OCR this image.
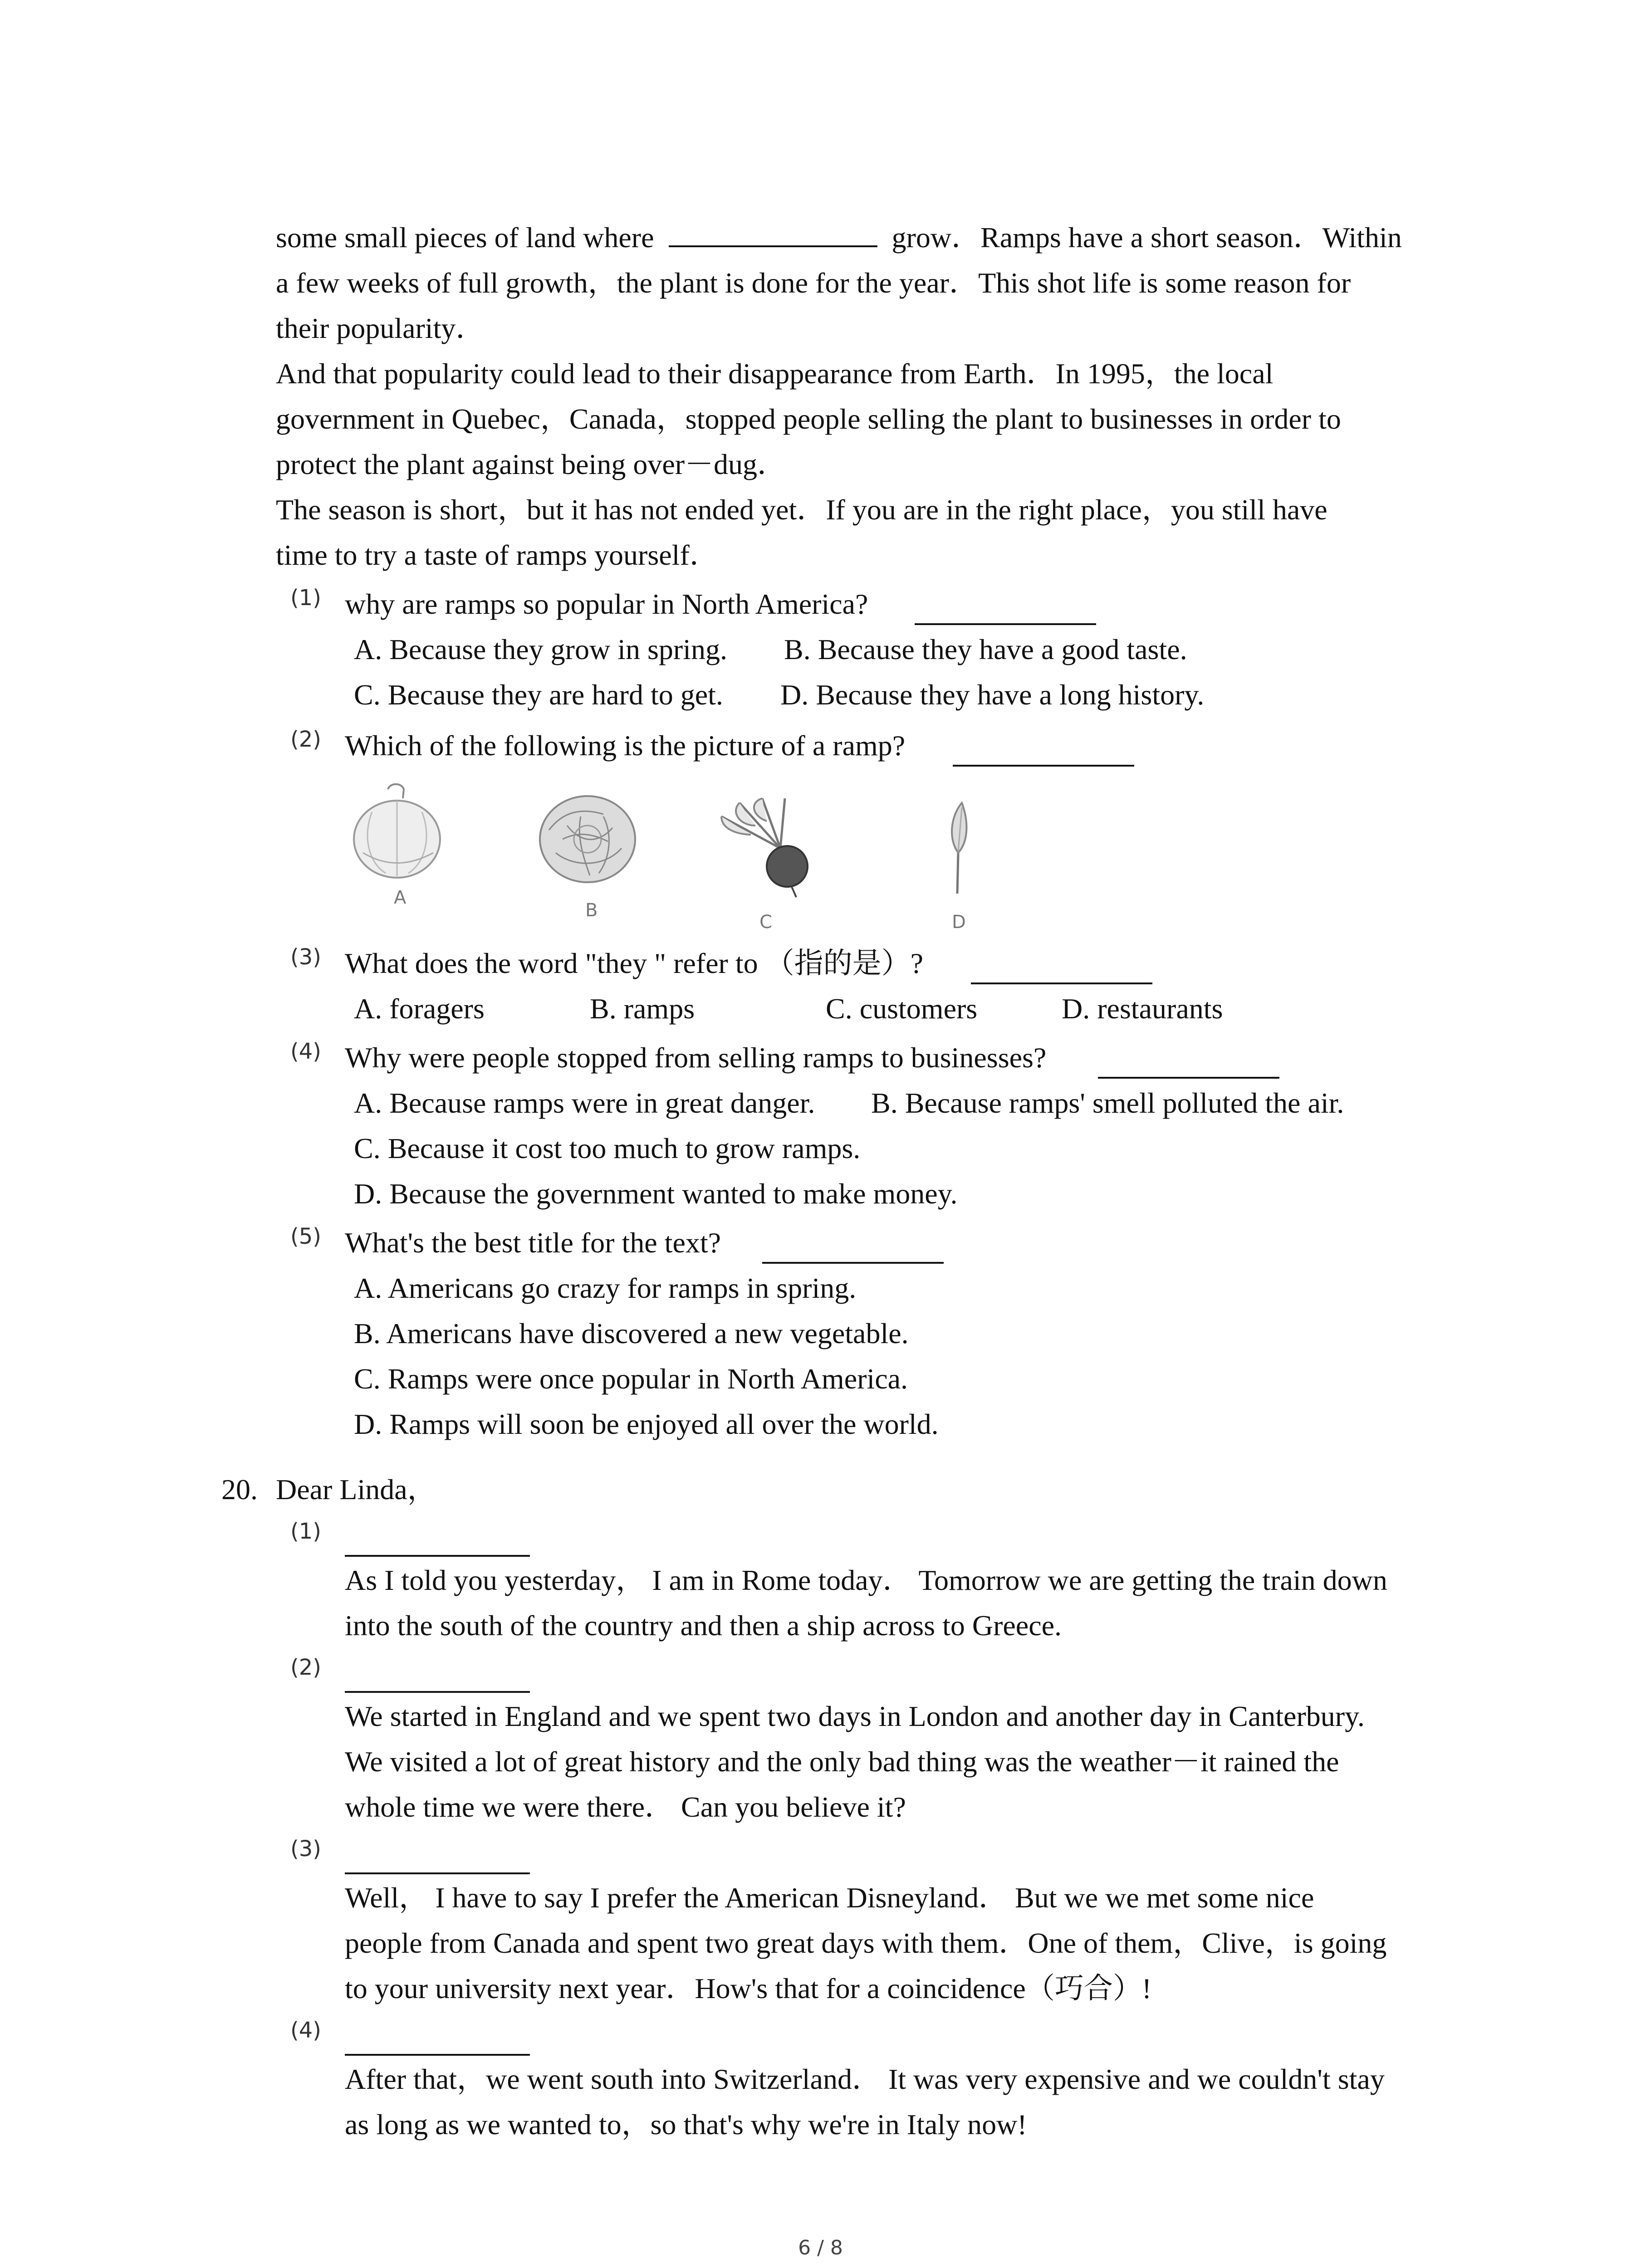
some small pieces of land where	grow．Ramps have a short season．Within
a few weeks of full growth，the plant is done for the year．This shot life is some reason for
their popularity．
And that popularity could lead to their disappearance from Earth．In 1995，the local
government in Quebec，Canada，stopped people selling the plant to businesses in order to
protect the plant against being over－dug．
The season is short，but it has not ended yet．If you are in the right place，you still have
time to try a taste of ramps yourself．
(1) why are ramps so popular in North America?
A. Because they grow in spring. B. Because they have a good taste.
C. Because they are hard to get. D. Because they have a long history.
(2) Which of the following is the picture of a ramp?
A
B
C	D
(3) What does the word "they " refer to （指的是）?
A. foragers	B. ramps	C. customers	D. restaurants
(4) Why were people stopped from selling ramps to businesses?
A. Because ramps were in great danger. B. Because ramps' smell polluted the air.
C. Because it cost too much to grow ramps.
D. Because the government wanted to make money.
(5) What's the best title for the text?
A. Americans go crazy for ramps in spring.
B. Americans have discovered a new vegetable.
C. Ramps were once popular in North America.
D. Ramps will soon be enjoyed all over the world.
20. Dear Linda，
(1)
As I told you yesterday， I am in Rome today． Tomorrow we are getting the train down
into the south of the country and then a ship across to Greece.
(2)
We started in England and we spent two days in London and another day in Canterbury.
We visited a lot of great history and the only bad thing was the weather－it rained the
whole time we were there． Can you believe it?
(3)
Well， I have to say I prefer the American Disneyland． But we we met some nice
people from Canada and spent two great days with them．One of them，Clive，is going
to your university next year．How's that for a coincidence（巧合）!
(4)
After that，we went south into Switzerland． It was very expensive and we couldn't stay
as long as we wanted to，so that's why we're in Italy now!
6 / 8
